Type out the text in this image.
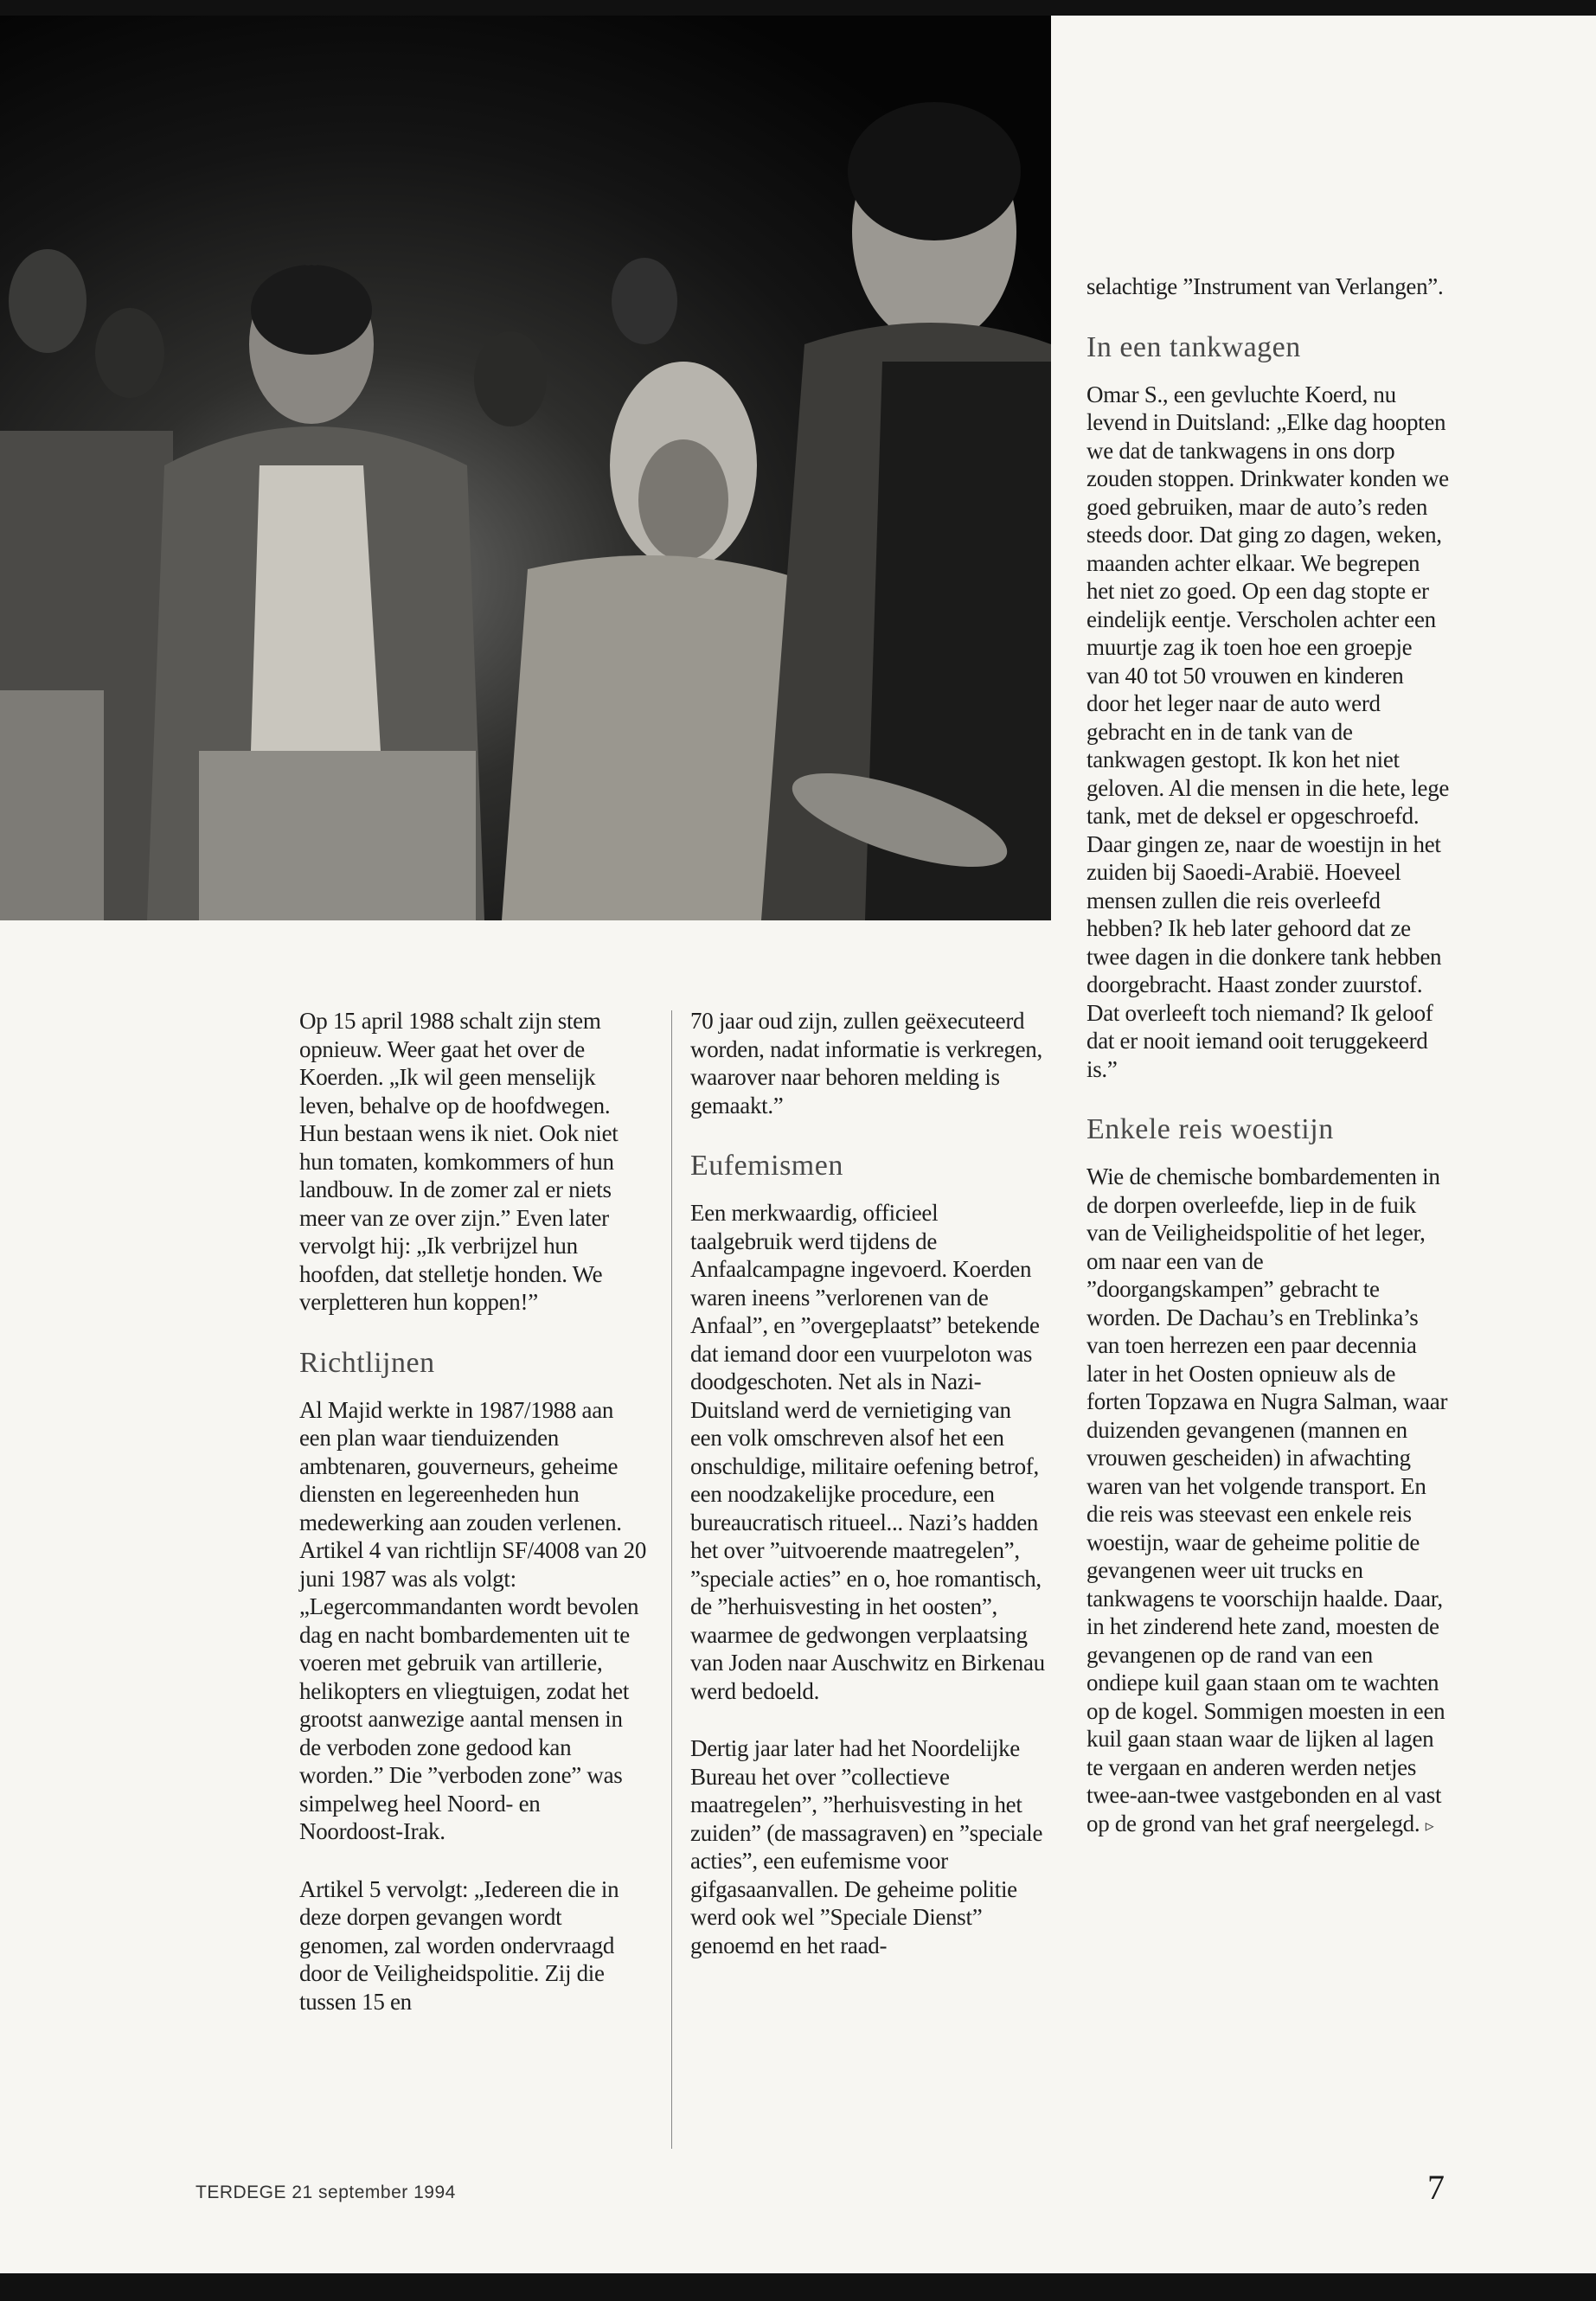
Op 15 april 1988 schalt zijn stem opnieuw. Weer gaat het over de Koerden. „Ik wil geen menselijk leven, behalve op de hoofdwegen. Hun bestaan wens ik niet. Ook niet hun tomaten, komkommers of hun landbouw. In de zomer zal er niets meer van ze over zijn.” Even later vervolgt hij: „Ik verbrijzel hun hoofden, dat stelletje honden. We verpletteren hun koppen!”

Richtlijnen

Al Majid werkte in 1987/1988 aan een plan waar tienduizenden ambtenaren, gouverneurs, geheime diensten en legereenheden hun medewerking aan zouden verlenen. Artikel 4 van richtlijn SF/4008 van 20 juni 1987 was als volgt: „Legercommandanten wordt bevolen dag en nacht bombardementen uit te voeren met gebruik van artillerie, helikopters en vliegtuigen, zodat het grootst aanwezige aantal mensen in de verboden zone gedood kan worden.” Die ”verboden zone” was simpelweg heel Noord- en Noordoost-Irak.

Artikel 5 vervolgt: „Iedereen die in deze dorpen gevangen wordt genomen, zal worden ondervraagd door de Veiligheidspolitie. Zij die tussen 15 en

70 jaar oud zijn, zullen geëxecuteerd worden, nadat informatie is verkregen, waarover naar behoren melding is gemaakt.”

Eufemismen

Een merkwaardig, officieel taalgebruik werd tijdens de Anfaalcampagne ingevoerd. Koerden waren ineens ”verlorenen van de Anfaal”, en ”overgeplaatst” betekende dat iemand door een vuurpeloton was doodgeschoten. Net als in Nazi-Duitsland werd de vernietiging van een volk omschreven alsof het een onschuldige, militaire oefening betrof, een noodzakelijke procedure, een bureaucratisch ritueel... Nazi’s hadden het over ”uitvoerende maatregelen”, ”speciale acties” en o, hoe romantisch, de ”herhuisvesting in het oosten”, waarmee de gedwongen verplaatsing van Joden naar Auschwitz en Birkenau werd bedoeld.

Dertig jaar later had het Noordelijke Bureau het over ”collectieve maatregelen”, ”herhuisvesting in het zuiden” (de massagraven) en ”speciale acties”, een eufemisme voor gifgasaanvallen. De geheime politie werd ook wel ”Speciale Dienst” genoemd en het raad-

selachtige ”Instrument van Verlangen”.

In een tankwagen

Omar S., een gevluchte Koerd, nu levend in Duitsland: „Elke dag hoopten we dat de tankwagens in ons dorp zouden stoppen. Drinkwater konden we goed gebruiken, maar de auto’s reden steeds door. Dat ging zo dagen, weken, maanden achter elkaar. We begrepen het niet zo goed. Op een dag stopte er eindelijk eentje. Verscholen achter een muurtje zag ik toen hoe een groepje van 40 tot 50 vrouwen en kinderen door het leger naar de auto werd gebracht en in de tank van de tankwagen gestopt. Ik kon het niet geloven. Al die mensen in die hete, lege tank, met de deksel er opgeschroefd. Daar gingen ze, naar de woestijn in het zuiden bij Saoedi-Arabië. Hoeveel mensen zullen die reis overleefd hebben? Ik heb later gehoord dat ze twee dagen in die donkere tank hebben doorgebracht. Haast zonder zuurstof. Dat overleeft toch niemand? Ik geloof dat er nooit iemand ooit teruggekeerd is.”

Enkele reis woestijn

Wie de chemische bombardementen in de dorpen overleefde, liep in de fuik van de Veiligheidspolitie of het leger, om naar een van de ”doorgangskampen” gebracht te worden. De Dachau’s en Treblinka’s van toen herrezen een paar decennia later in het Oosten opnieuw als de forten Topzawa en Nugra Salman, waar duizenden gevangenen (mannen en vrouwen gescheiden) in afwachting waren van het volgende transport. En die reis was steevast een enkele reis woestijn, waar de geheime politie de gevangenen weer uit trucks en tankwagens te voorschijn haalde. Daar, in het zinderend hete zand, moesten de gevangenen op de rand van een ondiepe kuil gaan staan om te wachten op de kogel. Sommigen moesten in een kuil gaan staan waar de lijken al lagen te vergaan en anderen werden netjes twee-aan-twee vastgebonden en al vast op de grond van het graf neergelegd. ▹

TERDEGE 21 september 1994	7
